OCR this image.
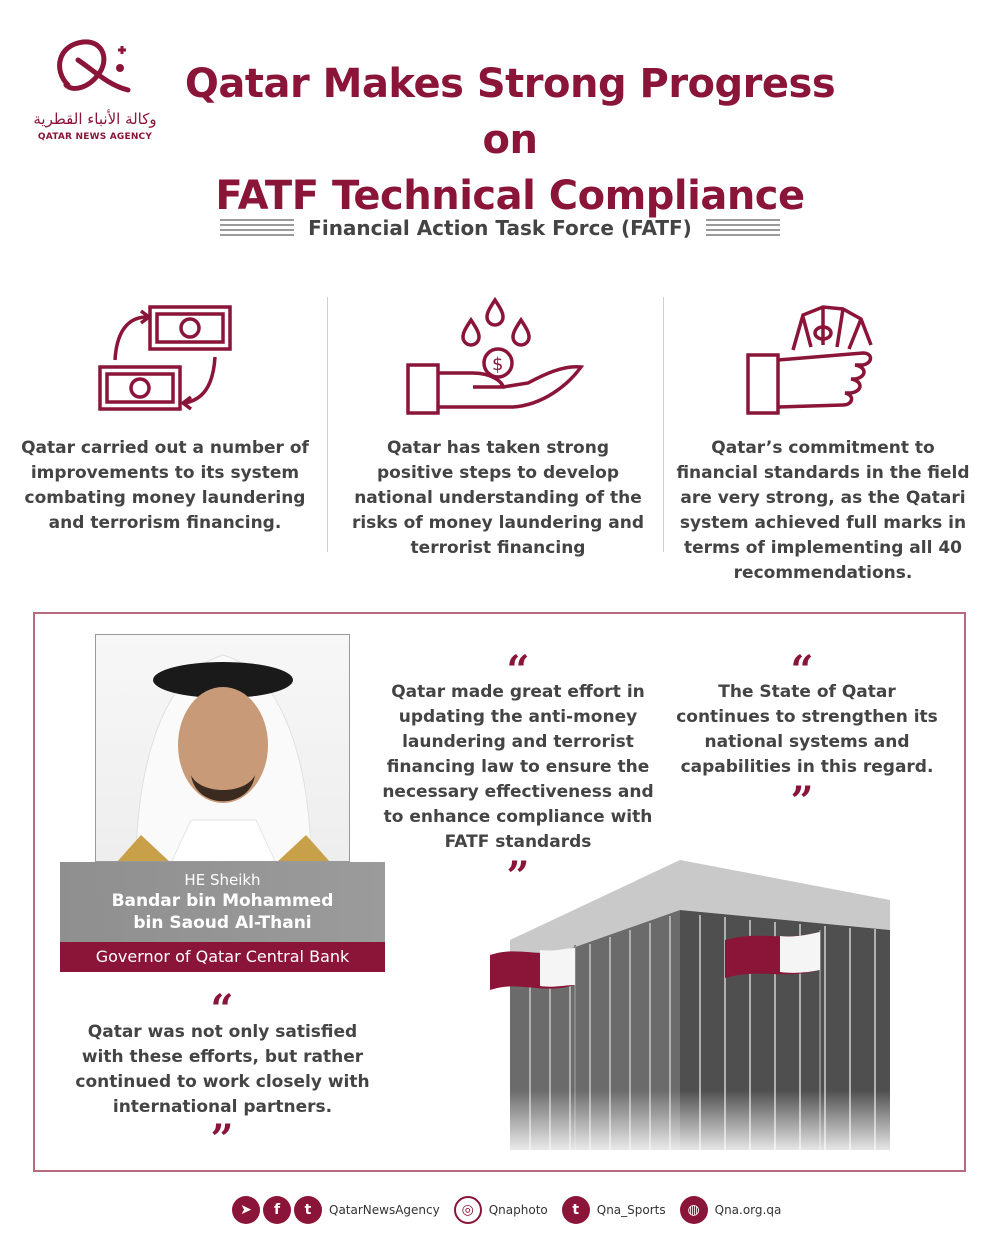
وكالة الأنباء القطرية
QATAR NEWS AGENCY
Qatar Makes Strong Progress on
FATF Technical Compliance
Financial Action Task Force (FATF)
Qatar carried out a number of improvements to its system combating money laundering and terrorism financing.
$
Qatar has taken strong positive steps to develop national understanding of the risks of money laundering and terrorist financing
Qatar’s commitment to financial standards in the field are very strong, as the Qatari system achieved full marks in terms of implementing all 40 recommendations.
HE Sheikh
Bandar bin Mohammed
bin Saoud Al-Thani
Governor of Qatar Central Bank
“
Qatar made great effort in updating the anti-money laundering and terrorist financing law to ensure the necessary effectiveness and to enhance compliance with FATF standards
”
“
The State of Qatar continues to strengthen its national systems and capabilities in this regard.
”
“
Qatar was not only satisfied with these efforts, but rather continued to work closely with international partners.
”
➤	f	t	QatarNewsAgency	◎	Qnaphoto	t	Qna_Sports	◍	Qna.org.qa
